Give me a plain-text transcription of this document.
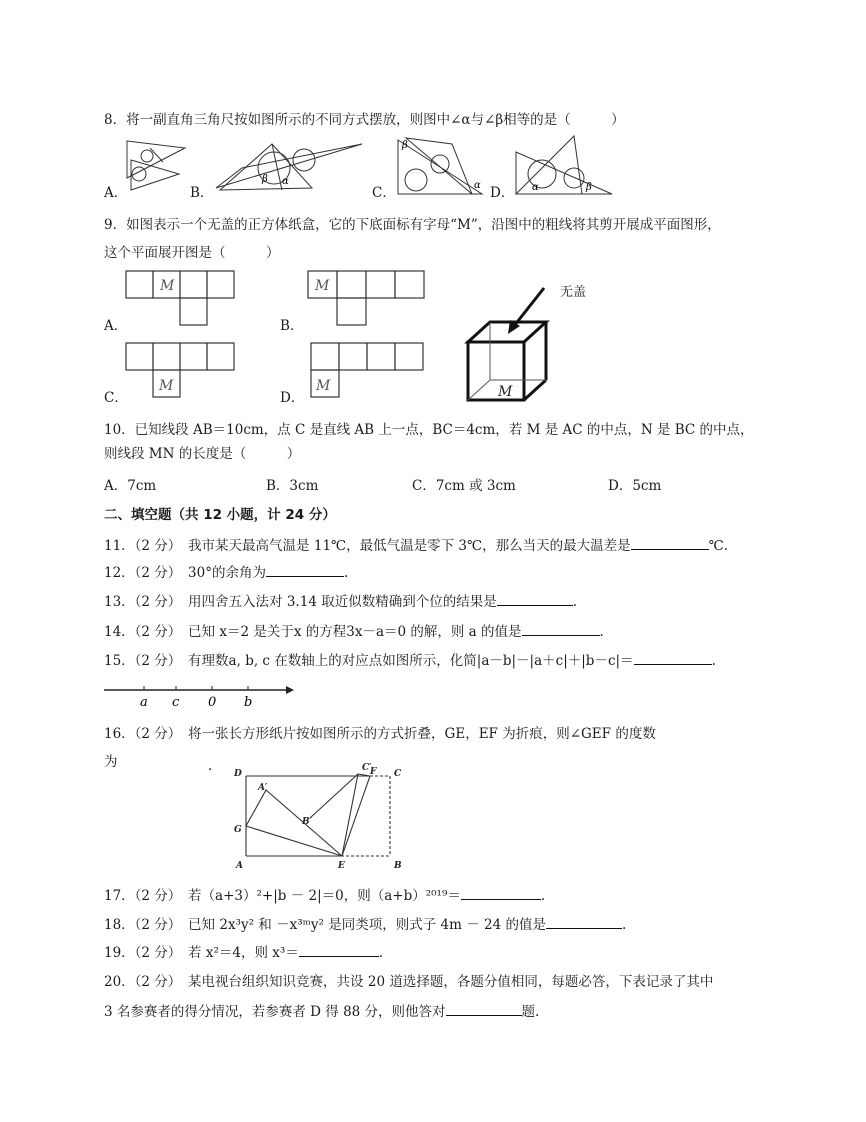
8．将一副直角三角尺按如图所示的不同方式摆放，则图中∠α与∠β相等的是（　　　）
A．	B．	C．	D．
β α
β
α	α	β
9．如图表示一个无盖的正方体纸盒，它的下底面标有字母“M”，沿图中的粗线将其剪开展成平面图形，
这个平面展开图是（　　　）
A．	B．
C．	D．
M	M
M	M	M
无盖
10．已知线段 AB＝10cm，点 C 是直线 AB 上一点，BC＝4cm，若 M 是 AC 的中点，N 是 BC 的中点，
则线段 MN 的长度是（　　　）
A．7cm	B．3cm	C．7cm 或 3cm	D．5cm
二、填空题（共 12 小题，计 24 分）
11．（2 分）　我市某天最高气温是 11℃，最低气温是零下 3℃，那么当天的最大温差是	℃.
12．（2 分）　30°的余角为	.
13．（2 分）　用四舍五入法对 3.14 取近似数精确到个位的结果是	.
14．（2 分）　已知 x＝2 是关于x 的方程3x－a＝0 的解，则 a 的值是	.
15．（2 分）　有理数a, b, c 在数轴上的对应点如图所示，化简|a－b|－|a＋c|＋|b－c|＝	.
a c 0 b
16．（2 分）　将一张长方形纸片按如图所示的方式折叠，GE，EF 为折痕，则∠GEF 的度数
为	. D
C′
F C
A′
B′
G
A	E	B
17．（2 分）　若（a+3）²+|b － 2|＝0，则（a+b）²⁰¹⁹＝	.
18．（2 分）　已知 2x³y² 和 －x³ᵐy² 是同类项，则式子 4m － 24 的值是	.
19．（2 分）　若 x²＝4，则 x³＝	.
20．（2 分）　某电视台组织知识竞赛，共设 20 道选择题，各题分值相同，每题必答，下表记录了其中
3 名参赛者的得分情况，若参赛者 D 得 88 分，则他答对	题.
